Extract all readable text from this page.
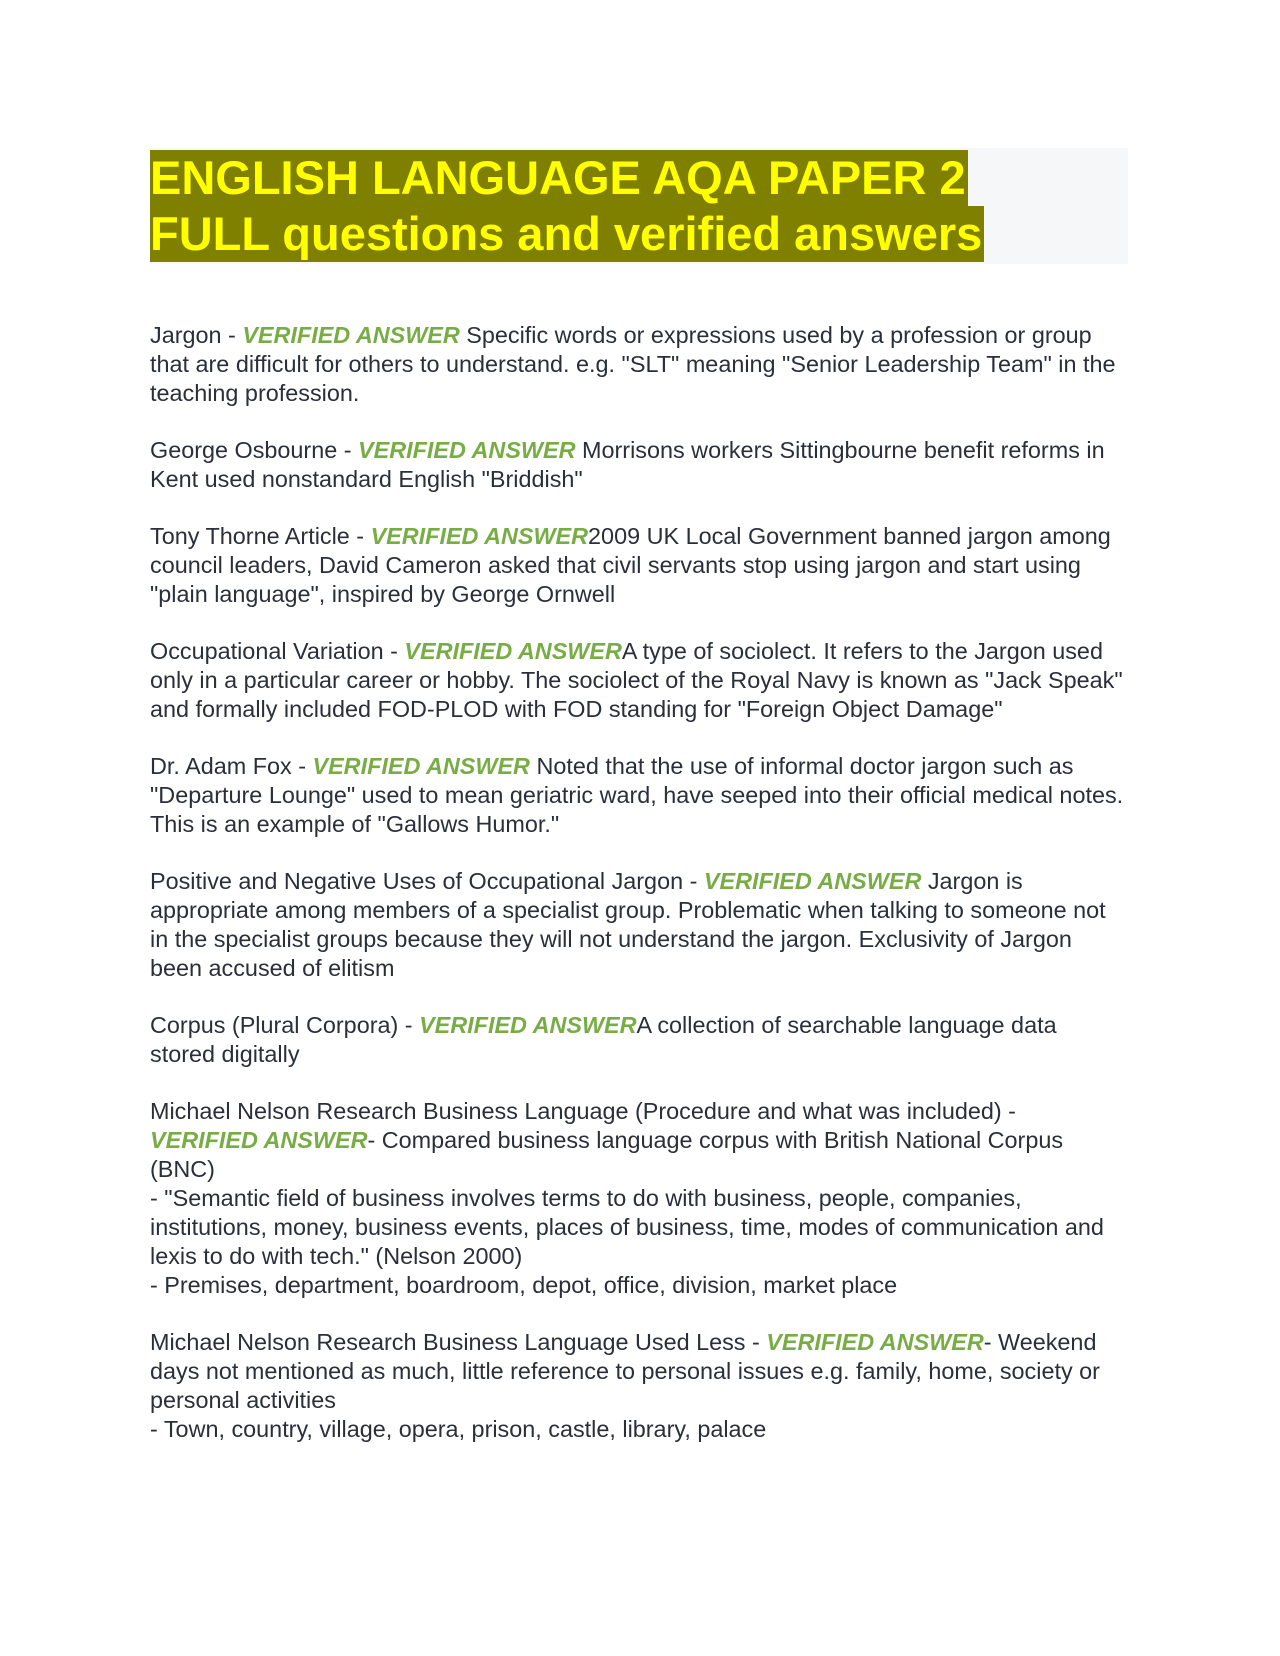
ENGLISH LANGUAGE AQA PAPER 2
FULL questions and verified answers

Jargon - VERIFIED ANSWER Specific words or expressions used by a profession or group that are difficult for others to understand. e.g. "SLT" meaning "Senior Leadership Team" in the teaching profession.

George Osbourne - VERIFIED ANSWER Morrisons workers Sittingbourne benefit reforms in Kent used nonstandard English "Briddish"

Tony Thorne Article - VERIFIED ANSWER2009 UK Local Government banned jargon among council leaders, David Cameron asked that civil servants stop using jargon and start using "plain language", inspired by George Ornwell

Occupational Variation - VERIFIED ANSWERA type of sociolect. It refers to the Jargon used only in a particular career or hobby. The sociolect of the Royal Navy is known as "Jack Speak" and formally included FOD-PLOD with FOD standing for "Foreign Object Damage"

Dr. Adam Fox - VERIFIED ANSWER Noted that the use of informal doctor jargon such as "Departure Lounge" used to mean geriatric ward, have seeped into their official medical notes. This is an example of "Gallows Humor."

Positive and Negative Uses of Occupational Jargon - VERIFIED ANSWER Jargon is appropriate among members of a specialist group. Problematic when talking to someone not in the specialist groups because they will not understand the jargon. Exclusivity of Jargon been accused of elitism

Corpus (Plural Corpora) - VERIFIED ANSWERA collection of searchable language data stored digitally

Michael Nelson Research Business Language (Procedure and what was included) - VERIFIED ANSWER- Compared business language corpus with British National Corpus (BNC)
- "Semantic field of business involves terms to do with business, people, companies, institutions, money, business events, places of business, time, modes of communication and lexis to do with tech." (Nelson 2000)
- Premises, department, boardroom, depot, office, division, market place

Michael Nelson Research Business Language Used Less - VERIFIED ANSWER- Weekend days not mentioned as much, little reference to personal issues e.g. family, home, society or personal activities
- Town, country, village, opera, prison, castle, library, palace
